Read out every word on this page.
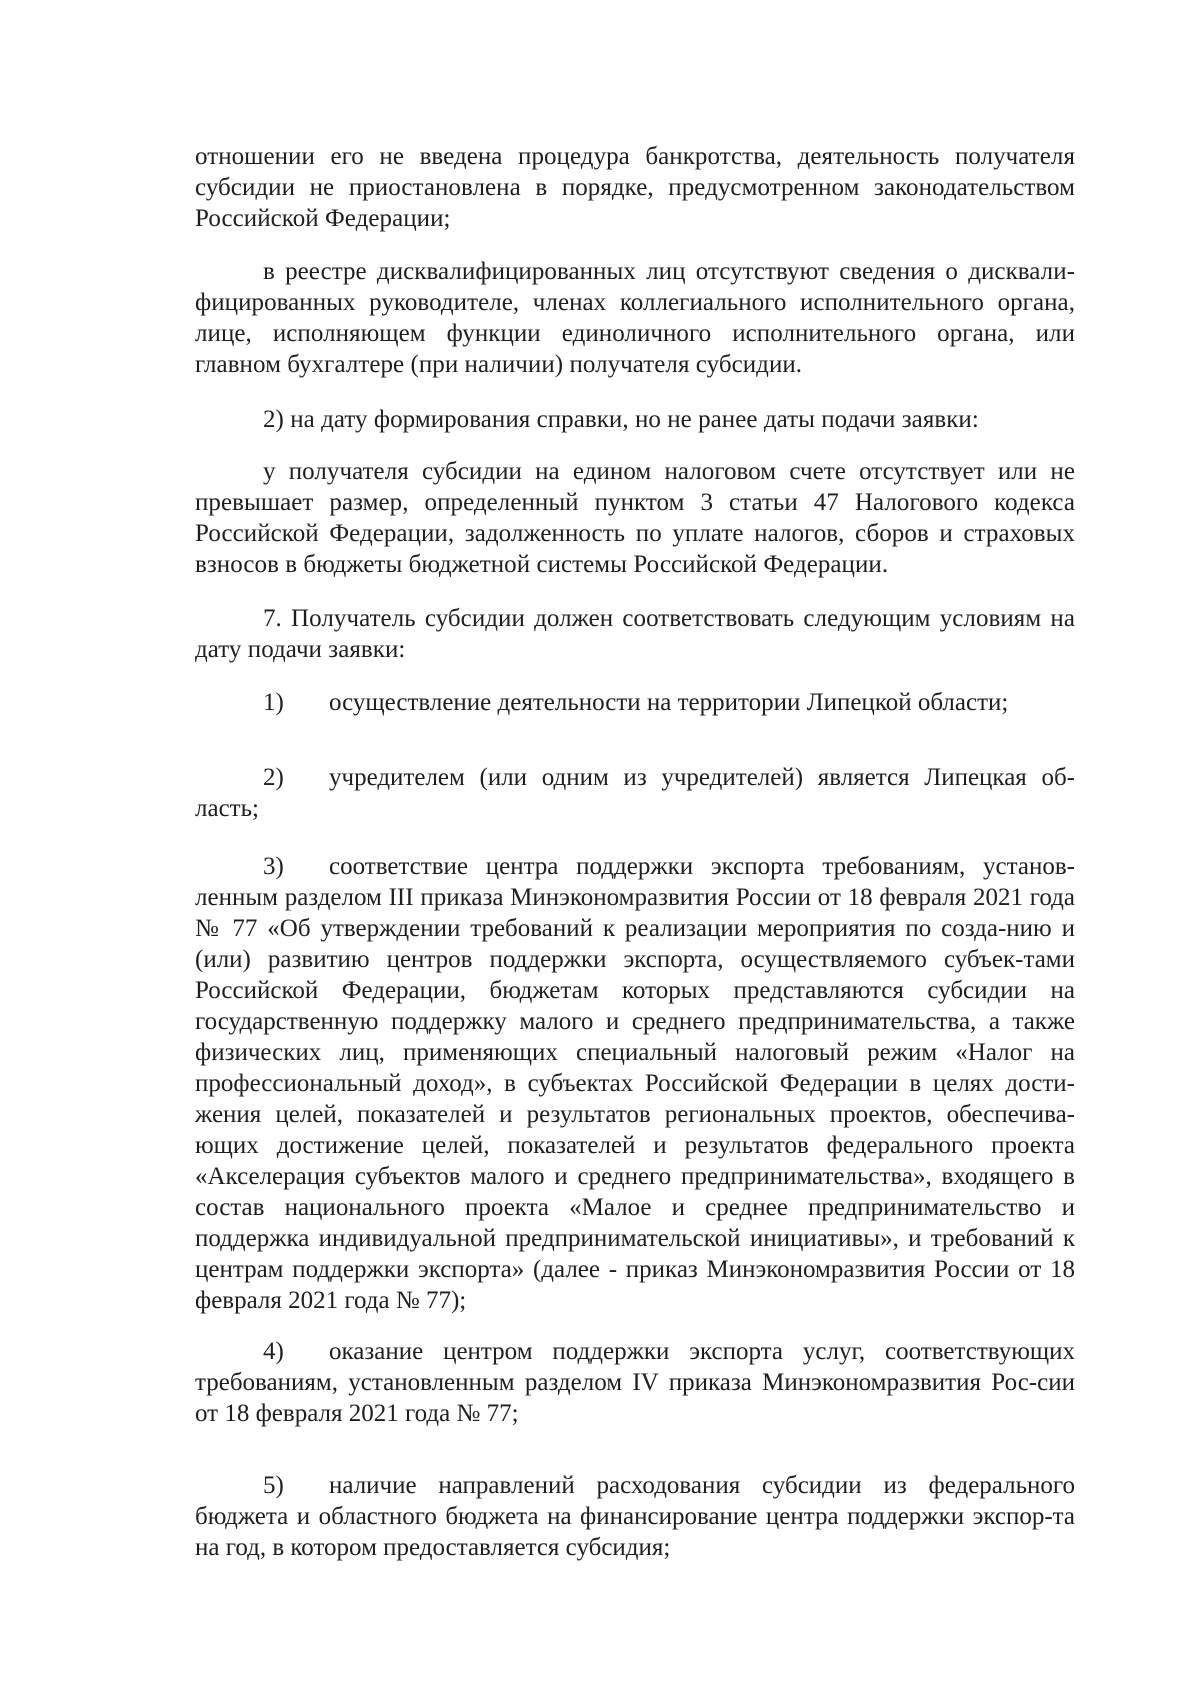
отношении его не введена процедура банкротства, деятельность получателя субсидии не приостановлена в порядке, предусмотренном законодательством Российской Федерации;

в реестре дисквалифицированных лиц отсутствуют сведения о дисквали-фицированных руководителе, членах коллегиального исполнительного органа, лице, исполняющем функции единоличного исполнительного органа, или главном бухгалтере (при наличии) получателя субсидии.

2) на дату формирования справки, но не ранее даты подачи заявки:

у получателя субсидии на едином налоговом счете отсутствует или не превышает размер, определенный пунктом 3 статьи 47 Налогового кодекса Российской Федерации, задолженность по уплате налогов, сборов и страховых взносов в бюджеты бюджетной системы Российской Федерации.

7. Получатель субсидии должен соответствовать следующим условиям на дату подачи заявки:

1) осуществление деятельности на территории Липецкой области;

2) учредителем (или одним из учредителей) является Липецкая об-ласть;

3) соответствие центра поддержки экспорта требованиям, установ-ленным разделом III приказа Минэкономразвития России от 18 февраля 2021 года № 77 «Об утверждении требований к реализации мероприятия по созда-нию и (или) развитию центров поддержки экспорта, осуществляемого субъек-тами Российской Федерации, бюджетам которых представляются субсидии на государственную поддержку малого и среднего предпринимательства, а также физических лиц, применяющих специальный налоговый режим «Налог на профессиональный доход», в субъектах Российской Федерации в целях дости-жения целей, показателей и результатов региональных проектов, обеспечива-ющих достижение целей, показателей и результатов федерального проекта «Акселерация субъектов малого и среднего предпринимательства», входящего в состав национального проекта «Малое и среднее предпринимательство и поддержка индивидуальной предпринимательской инициативы», и требований к центрам поддержки экспорта» (далее - приказ Минэкономразвития России от 18 февраля 2021 года № 77);

4) оказание центром поддержки экспорта услуг, соответствующих требованиям, установленным разделом IV приказа Минэкономразвития Рос-сии от 18 февраля 2021 года № 77;

5) наличие направлений расходования субсидии из федерального бюджета и областного бюджета на финансирование центра поддержки экспор-та на год, в котором предоставляется субсидия;
